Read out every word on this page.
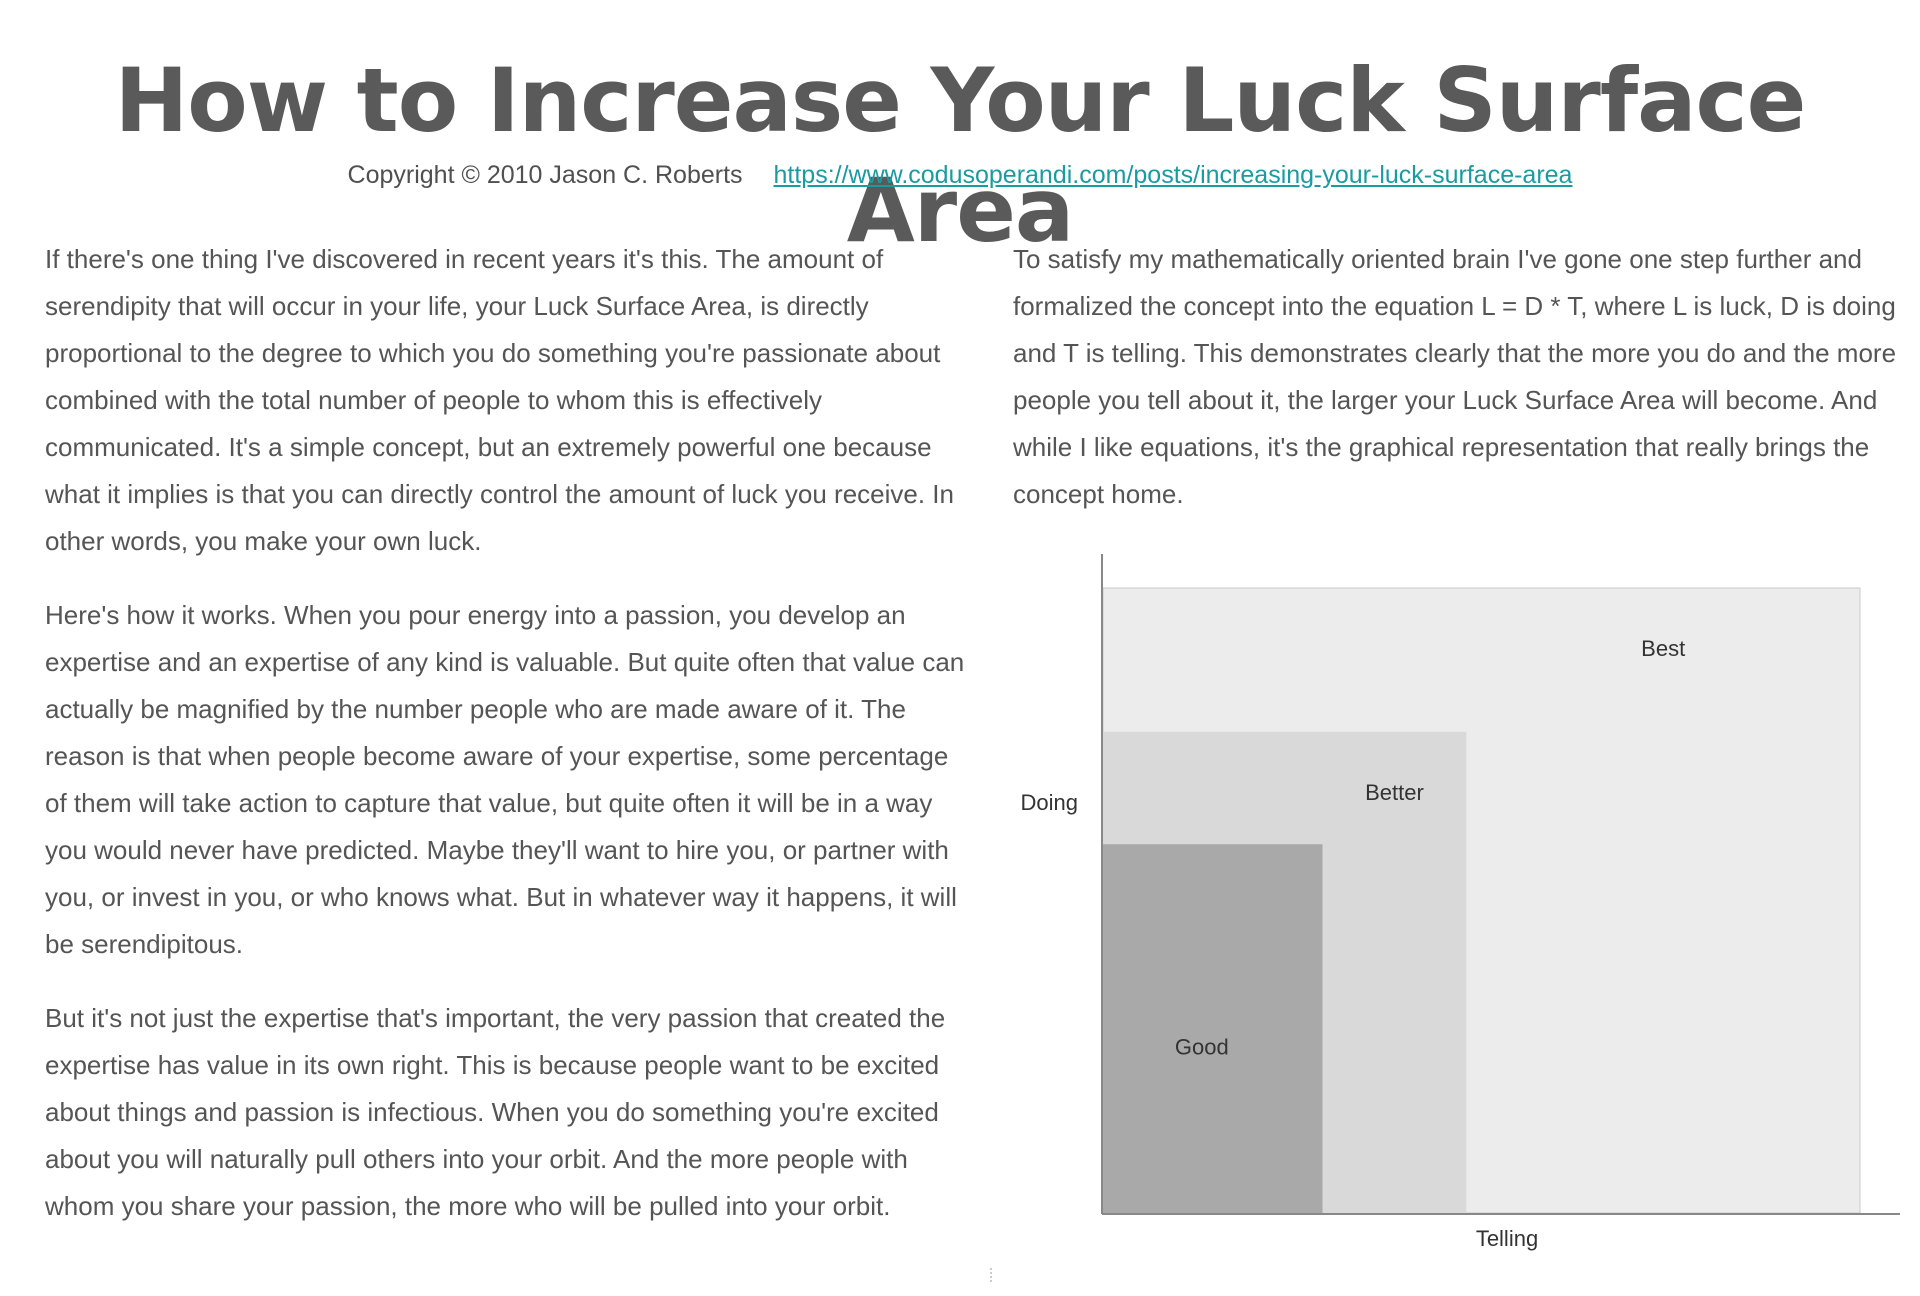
How to Increase Your Luck Surface Area
Copyright © 2010 Jason C. Roberts https://www.codusoperandi.com/posts/increasing-your-luck-surface-area

If there's one thing I've discovered in recent years it's this. The amount of serendipity that will occur in your life, your Luck Surface Area, is directly proportional to the degree to which you do something you're passionate about combined with the total number of people to whom this is effectively communicated. It's a simple concept, but an extremely powerful one because what it implies is that you can directly control the amount of luck you receive. In other words, you make your own luck.

Here's how it works. When you pour energy into a passion, you develop an expertise and an expertise of any kind is valuable. But quite often that value can actually be magnified by the number people who are made aware of it. The reason is that when people become aware of your expertise, some percentage of them will take action to capture that value, but quite often it will be in a way you would never have predicted. Maybe they'll want to hire you, or partner with you, or invest in you, or who knows what. But in whatever way it happens, it will be serendipitous.

But it's not just the expertise that's important, the very passion that created the expertise has value in its own right. This is because people want to be excited about things and passion is infectious. When you do something you're excited about you will naturally pull others into your orbit. And the more people with whom you share your passion, the more who will be pulled into your orbit.

To satisfy my mathematically oriented brain I've gone one step further and formalized the concept into the equation L = D * T, where L is luck, D is doing and T is telling. This demonstrates clearly that the more you do and the more people you tell about it, the larger your Luck Surface Area will become. And while I like equations, it's the graphical representation that really brings the concept home.

Best
Better
Good
Doing
Telling
